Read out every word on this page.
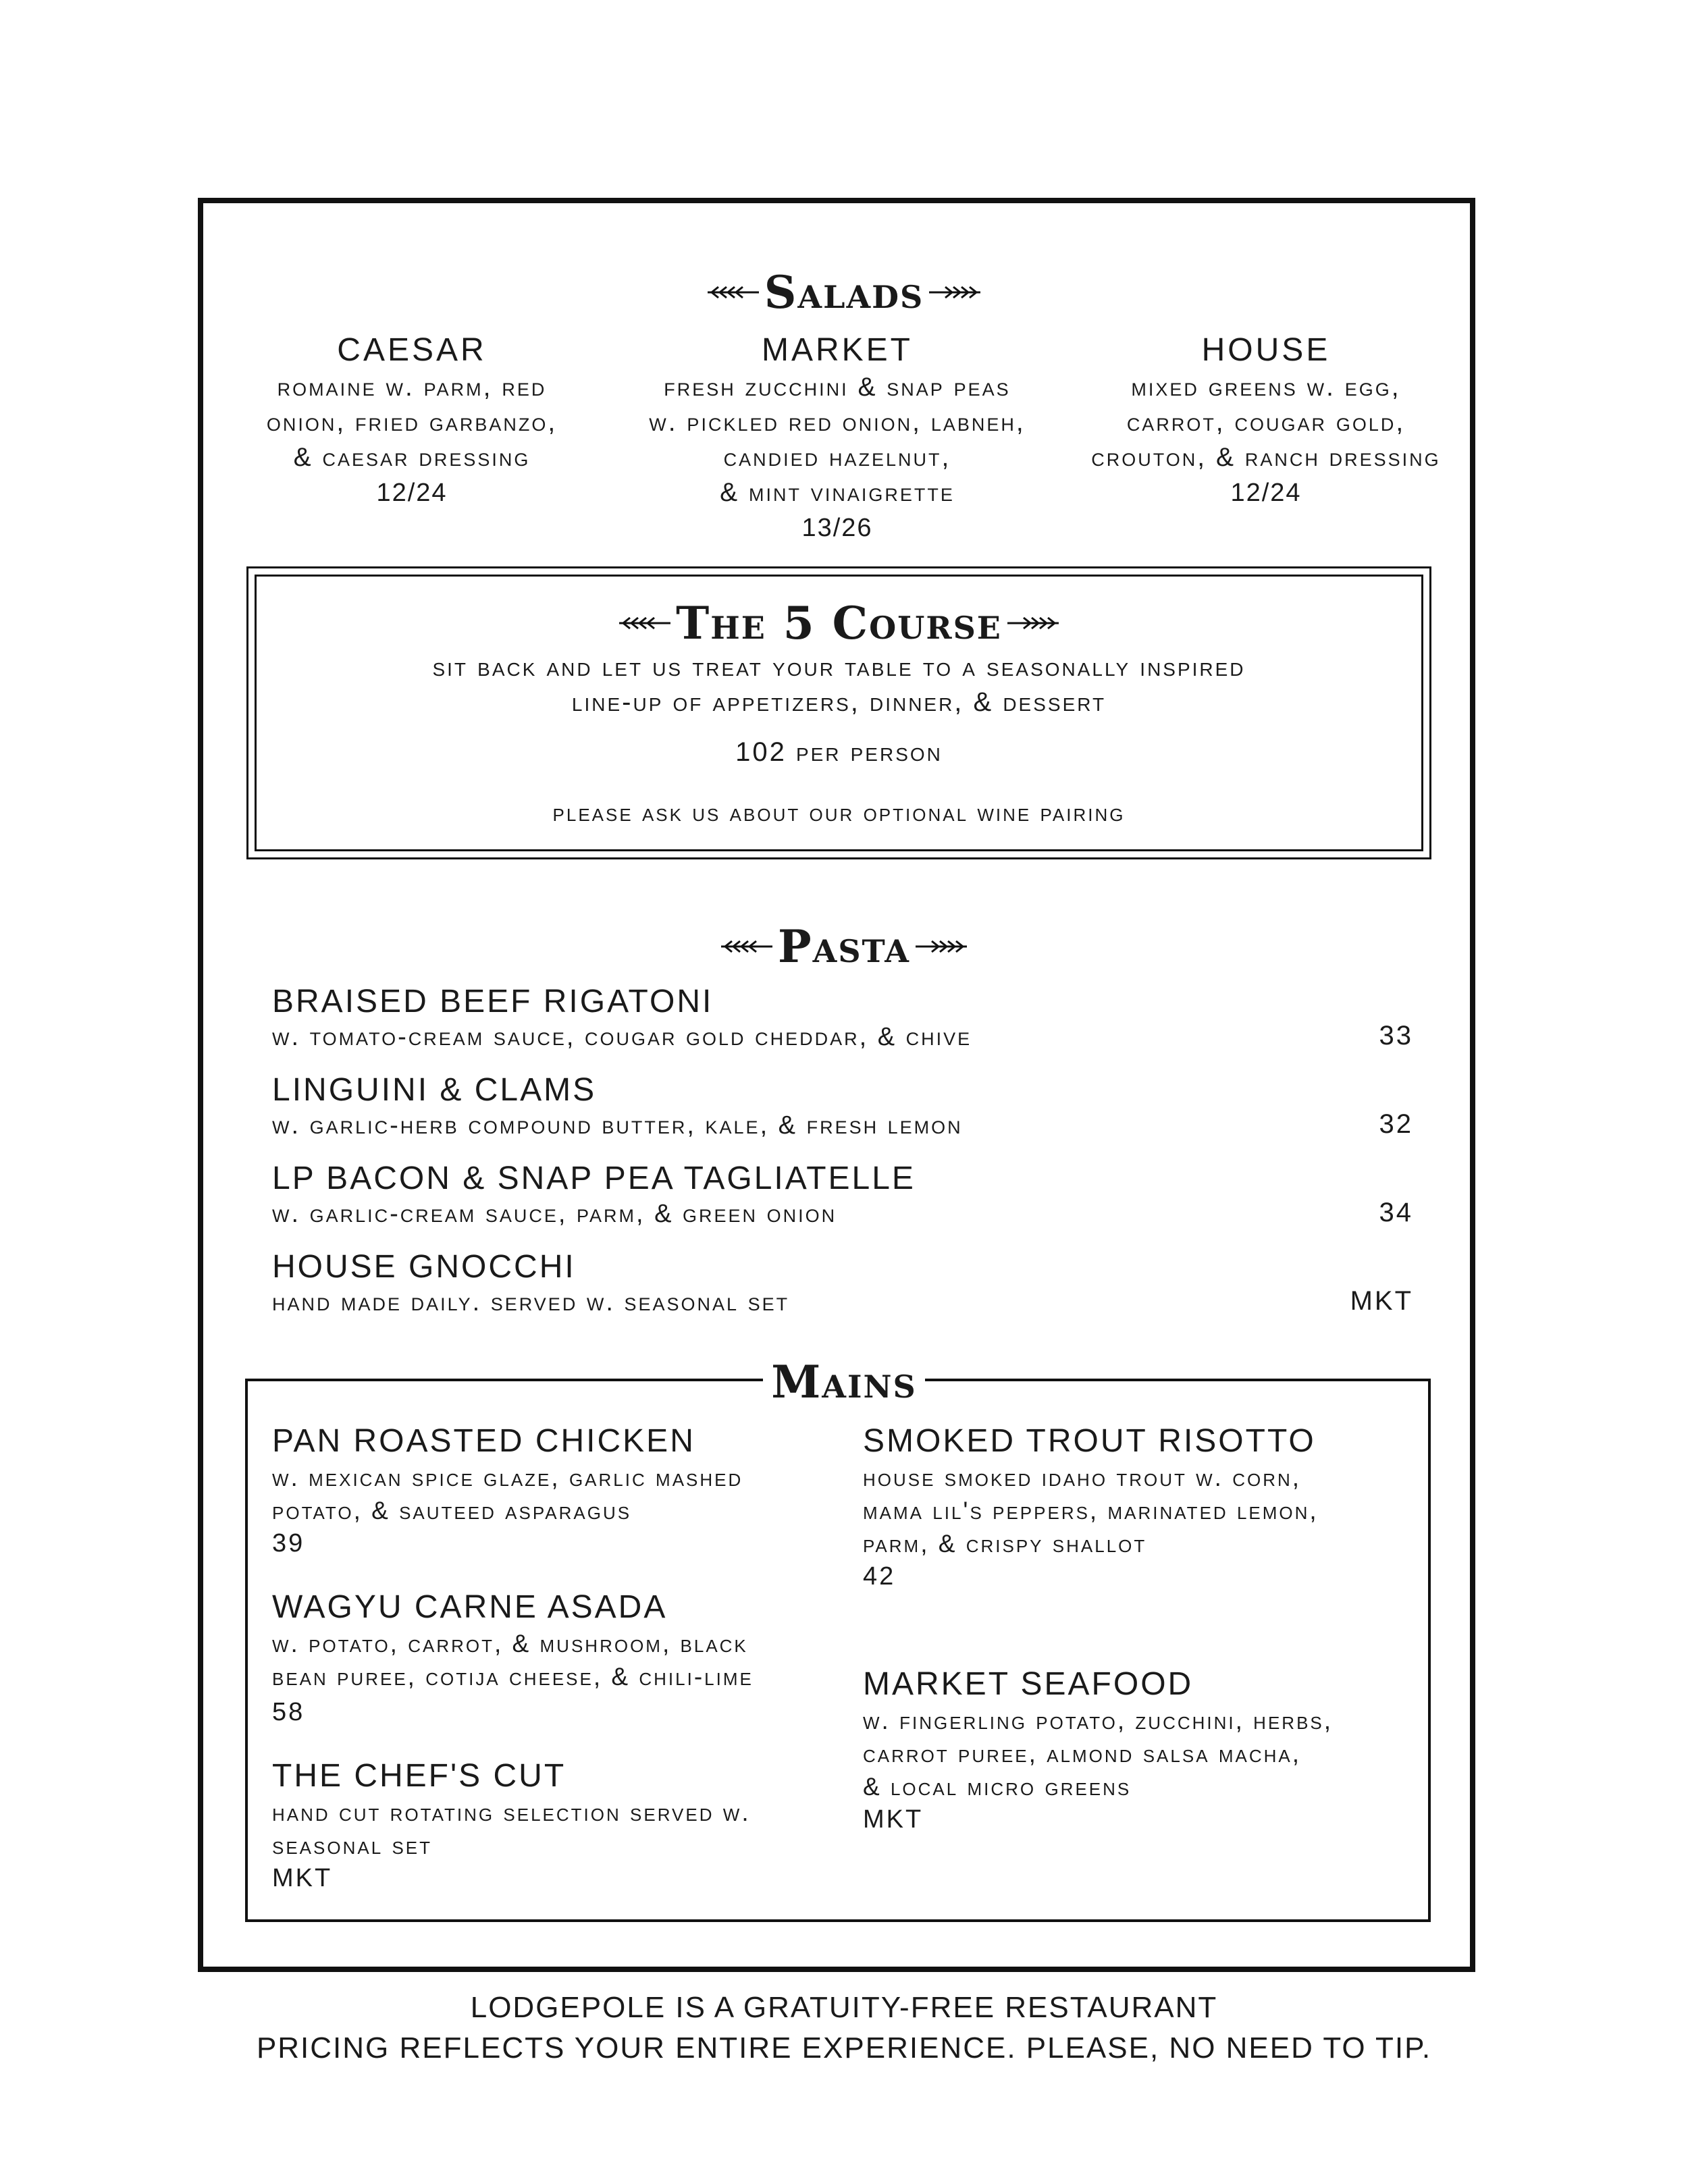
Salads
CAESAR
romaine w. parm, red
onion, fried garbanzo,
& caesar dressing
12/24
MARKET
fresh zucchini & snap peas
w. pickled red onion, labneh,
candied hazelnut,
& mint vinaigrette
13/26
HOUSE
mixed greens w. egg,
carrot, cougar gold,
crouton, & ranch dressing
12/24
The 5 Course
sit back and let us treat your table to a seasonally inspired
line-up of appetizers, dinner, & dessert
102 per person
please ask us about our optional wine pairing
Pasta
BRAISED BEEF RIGATONI
w. tomato-cream sauce, cougar gold cheddar, & chive	33
LINGUINI & CLAMS
w. garlic-herb compound butter, kale, & fresh lemon	32
LP BACON & SNAP PEA TAGLIATELLE
w. garlic-cream sauce, parm, & green onion	34
HOUSE GNOCCHI
hand made daily. served w. seasonal set	MKT
Mains
PAN ROASTED CHICKEN
w. mexican spice glaze, garlic mashed
potato, & sauteed asparagus
39
WAGYU CARNE ASADA
w. potato, carrot, & mushroom, black
bean puree, cotija cheese, & chili-lime
58
THE CHEF'S CUT
hand cut rotating selection served w.
seasonal set
MKT
SMOKED TROUT RISOTTO
house smoked idaho trout w. corn,
mama lil's peppers, marinated lemon,
parm, & crispy shallot
42
MARKET SEAFOOD
w. fingerling potato, zucchini, herbs,
carrot puree, almond salsa macha,
& local micro greens
MKT
LODGEPOLE IS A GRATUITY-FREE RESTAURANT
PRICING REFLECTS YOUR ENTIRE EXPERIENCE. PLEASE, NO NEED TO TIP.
